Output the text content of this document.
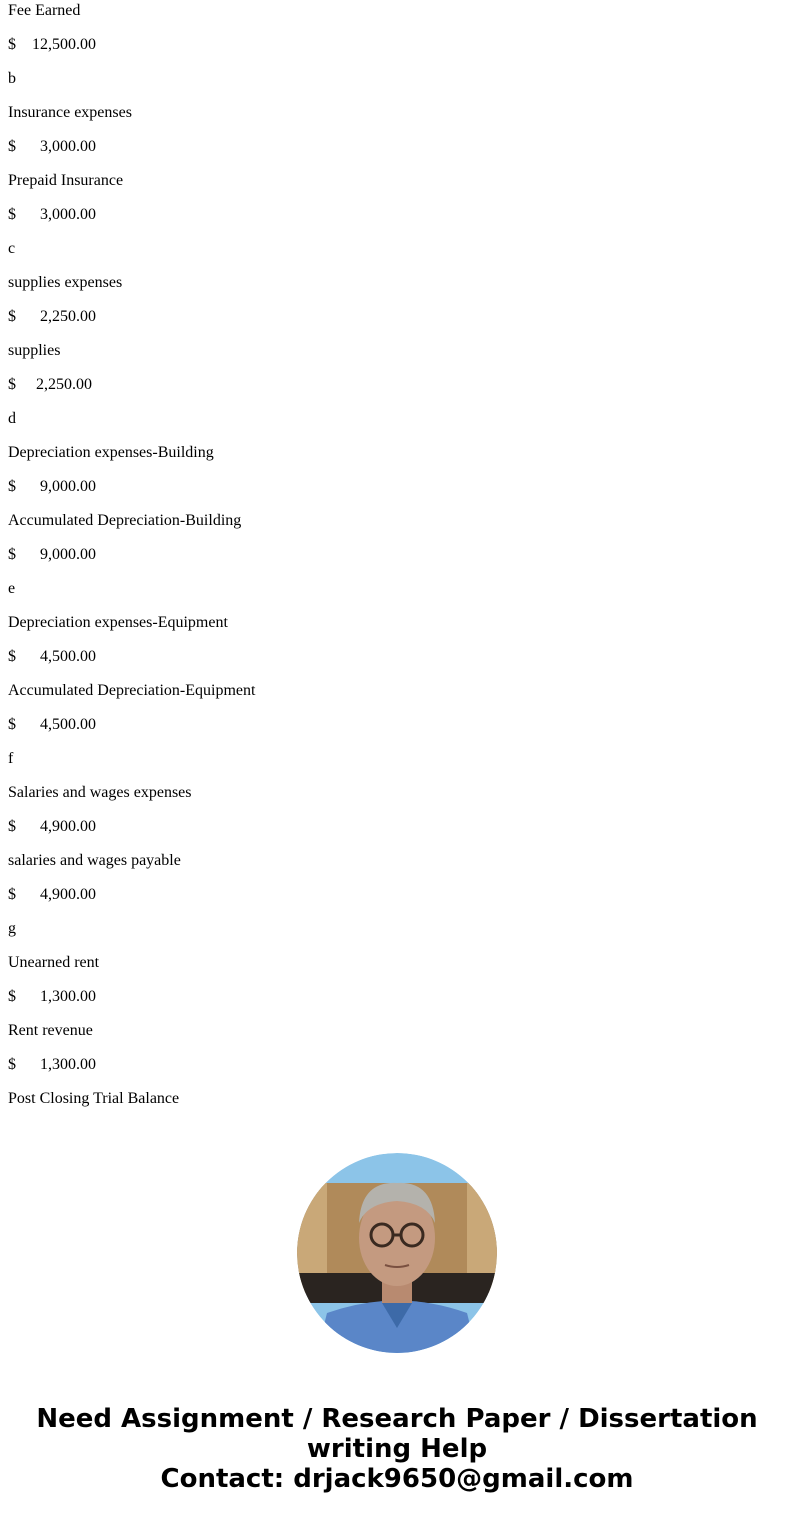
Fee Earned
$    12,500.00
b
Insurance expenses
$      3,000.00
Prepaid Insurance
$      3,000.00
c
supplies expenses
$      2,250.00
supplies
$     2,250.00
d
Depreciation expenses-Building
$      9,000.00
Accumulated Depreciation-Building
$      9,000.00
e
Depreciation expenses-Equipment
$      4,500.00
Accumulated Depreciation-Equipment
$      4,500.00
f
Salaries and wages expenses
$      4,900.00
salaries and wages payable
$      4,900.00
g
Unearned rent
$      1,300.00
Rent revenue
$      1,300.00
Post Closing Trial Balance
Need Assignment / Research Paper / Dissertation
writing Help
Contact: drjack9650@gmail.com
